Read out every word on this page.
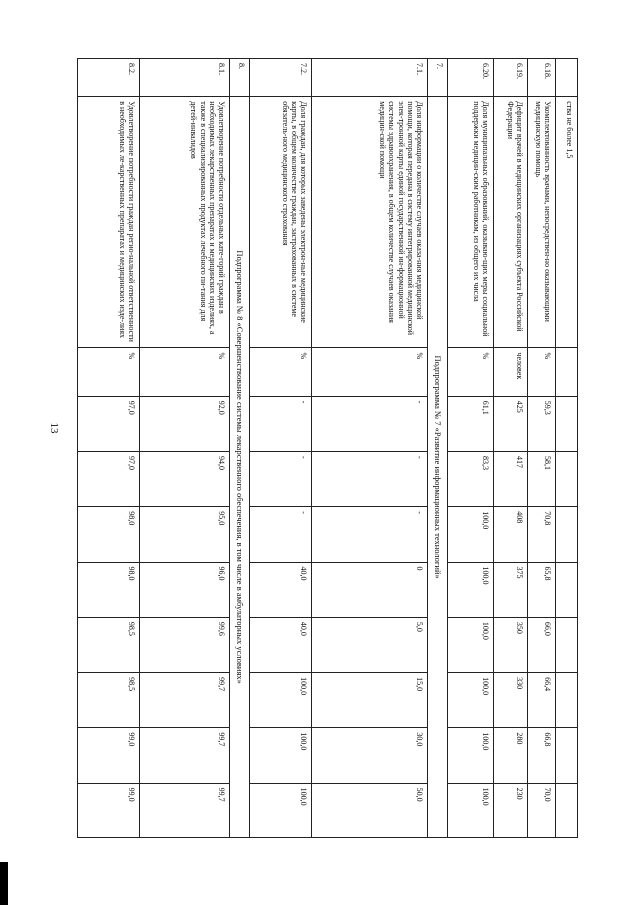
13
	ства не более 1,5									
6.18.	Укомплектованность врачами, непосредствен-но оказывающими медицинскую помощь	%	59,3	58,1	70,8	65,8	66,0	66,4	66,8	70,0
6.19.	Дефицит врачей в медицинских организациях субъекта Российской Федерации	человек	425	417	408	375	350	330	280	230
6.20.	Доля муниципальных образований, оказываю-щих меры социальной поддержки медицин-ским работникам, из общего их числа	%	61,1	83,3	100,0	100,0	100,0	100,0	100,0	100,0
7.	Подпрограмма № 7 «Развитие информационных технологий»									
7.1.	Доля информации о количестве случаев оказа-ния медицинской помощи, которая передана в систему интегрированной медицинской элек-тронной карты единой государственной ин-формационной системы здравоохранения, в общем количестве случаев оказания медицин-ской помощи	%	-	-	-	0	5,0	15,0	30,0	50,0
7.2.	Доля граждан, для которых заведены электрон-ные медицинские карты, в общем количестве граждан, застрахованных в системе обязатель-ного медицинского страхования	%	-	-	-	40,0	40,0	100,0	100,0	100,0
8.	Подпрограмма № 8 «Совершенствование системы лекарственного обеспечения, в том числе в амбулаторных условиях»									
8.1.	Удовлетворение потребности отдельных кате-горий граждан в необходимых лекарственных препаратах и медицинских изделиях, а также в специализированных продуктах лечебного пи-тания для детей-инвалидов	%	92,0	94,0	95,0	96,0	99,6	99,7	99,7	99,7
8.2.	Удовлетворение потребности граждан регио-нальной ответственности в необходимых ле-карственных препаратах и медицинских изде-лиях	%	97,0	97,0	98,0	98,0	98,5	98,5	99,0	99,0
